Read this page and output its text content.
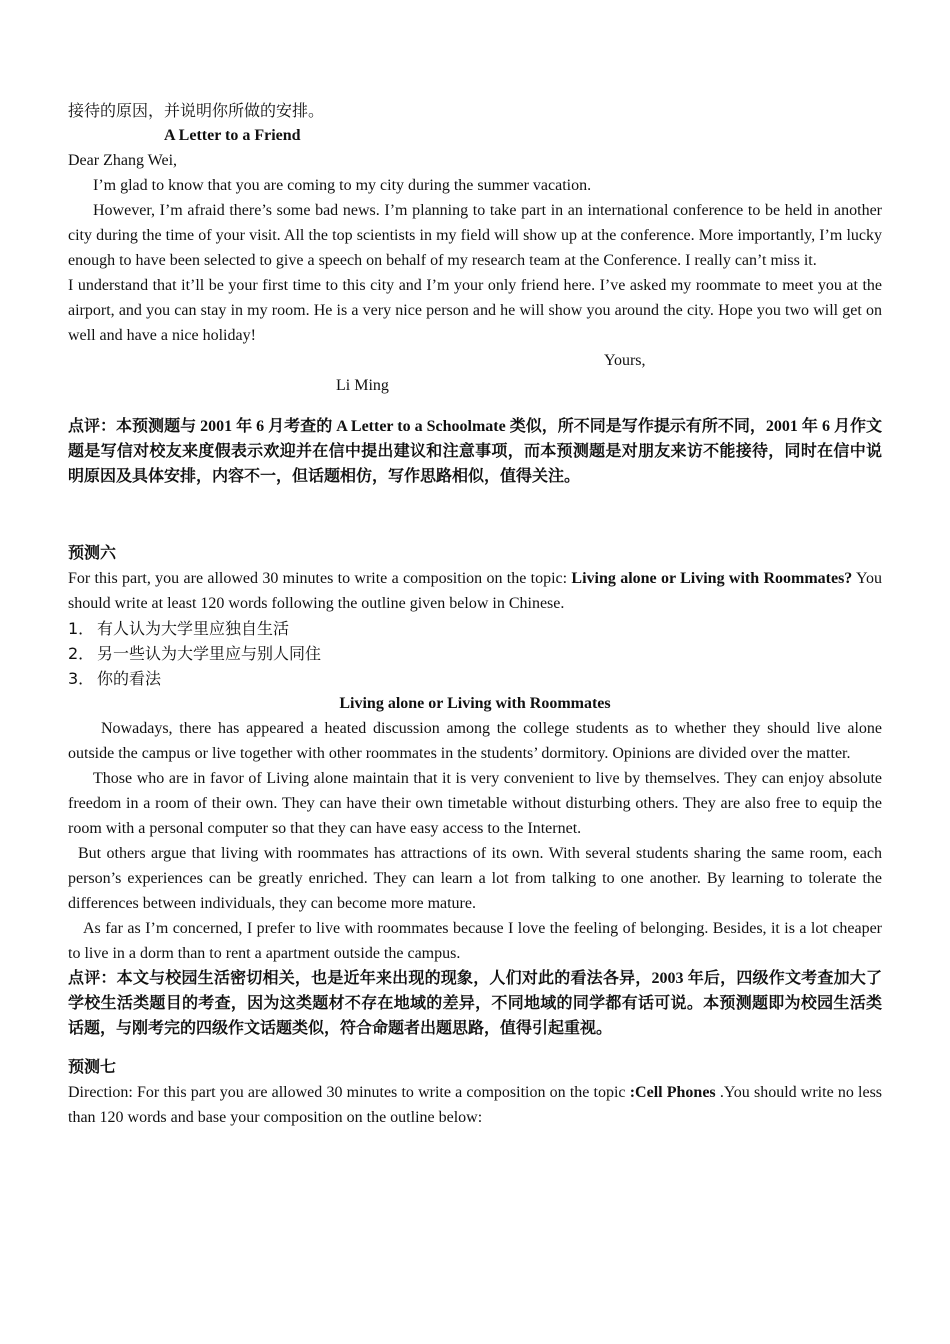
接待的原因，并说明你所做的安排。

A Letter to a Friend

Dear Zhang Wei,

I’m glad to know that you are coming to my city during the summer vacation.

However, I’m afraid there’s some bad news. I’m planning to take part in an international conference to be held in another city during the time of your visit. All the top scientists in my field will show up at the conference. More importantly, I’m lucky enough to have been selected to give a speech on behalf of my research team at the Conference. I really can’t miss it.

I understand that it’ll be your first time to this city and I’m your only friend here. I’ve asked my roommate to meet you at the airport, and you can stay in my room. He is a very nice person and he will show you around the city. Hope you two will get on well and have a nice holiday!

Yours,

Li Ming

点评：本预测题与 2001 年 6 月考查的 A Letter to a Schoolmate 类似，所不同是写作提示有所不同，2001 年 6 月作文题是写信对校友来度假表示欢迎并在信中提出建议和注意事项，而本预测题是对朋友来访不能接待，同时在信中说明原因及具体安排，内容不一，但话题相仿，写作思路相似，值得关注。

预测六

For this part, you are allowed 30 minutes to write a composition on the topic: Living alone or Living with Roommates? You should write at least 120 words following the outline given below in Chinese.

1． 有人认为大学里应独自生活

2． 另一些认为大学里应与别人同住

3． 你的看法

Living alone or Living with Roommates

Nowadays, there has appeared a heated discussion among the college students as to whether they should live alone outside the campus or live together with other roommates in the students’ dormitory. Opinions are divided over the matter.

Those who are in favor of Living alone maintain that it is very convenient to live by themselves. They can enjoy absolute freedom in a room of their own. They can have their own timetable without disturbing others. They are also free to equip the room with a personal computer so that they can have easy access to the Internet.

But others argue that living with roommates has attractions of its own. With several students sharing the same room, each person’s experiences can be greatly enriched. They can learn a lot from talking to one another. By learning to tolerate the differences between individuals, they can become more mature.

As far as I’m concerned, I prefer to live with roommates because I love the feeling of belonging. Besides, it is a lot cheaper to live in a dorm than to rent a apartment outside the campus.

点评：本文与校园生活密切相关，也是近年来出现的现象，人们对此的看法各异，2003 年后，四级作文考查加大了学校生活类题目的考查，因为这类题材不存在地域的差异，不同地域的同学都有话可说。本预测题即为校园生活类话题，与刚考完的四级作文话题类似，符合命题者出题思路，值得引起重视。

预测七

Direction: For this part you are allowed 30 minutes to write a composition on the topic :Cell Phones .You should write no less than 120 words and base your composition on the outline below:
